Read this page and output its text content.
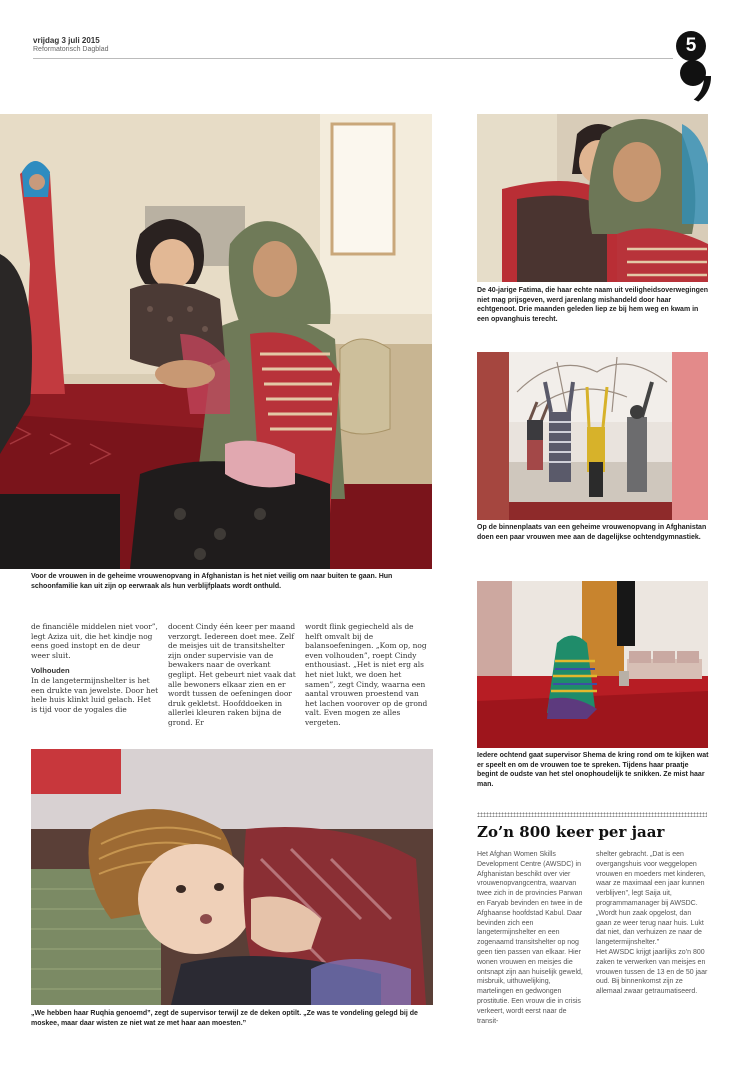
vrijdag 3 juli 2015
Reformatorisch Dagblad	5
Voor de vrouwen in de geheime vrouwenopvang in Afghanistan is het niet veilig om naar buiten te gaan. Hun schoonfamilie kan uit zijn op eerwraak als hun verblijfplaats wordt onthuld.
De 40-jarige Fatima, die haar echte naam uit veiligheidsoverwegingen niet mag prijsgeven, werd jarenlang mishandeld door haar echtgenoot. Drie maanden geleden liep ze bij hem weg en kwam in een opvanghuis terecht.
Op de binnenplaats van een geheime vrouwenopvang in Afghanistan doen een paar vrouwen mee aan de dagelijkse ochtendgymnastiek.
Iedere ochtend gaat supervisor Shema de kring rond om te kijken wat er speelt en om de vrouwen toe te spreken. Tijdens haar praatje begint de oudste van het stel onophoudelijk te snikken. Ze mist haar man.

de financiële middelen niet voor”, legt Aziza uit, die het kindje nog eens goed instopt en de deur weer sluit.

Volhouden

In de langetermijnshelter is het een drukte van jewelste. Door het hele huis klinkt luid gelach. Het is tijd voor de yogales die

docent Cindy één keer per maand verzorgt. Iedereen doet mee. Zelf de meisjes uit de transitshelter zijn onder supervisie van de bewakers naar de overkant geglipt. Het gebeurt niet vaak dat alle bewoners elkaar zien en er wordt tussen de oefeningen door druk gekletst. Hoofddoeken in allerlei kleuren raken bijna de grond. Er

wordt flink gegiecheld als de helft omvalt bij de balansoefeningen. „Kom op, nog even volhouden”, roept Cindy enthousiast. „Het is niet erg als het niet lukt, we doen het samen”, zegt Cindy, waarna een aantal vrouwen proestend van het lachen voorover op de grond valt. Even mogen ze alles vergeten.

„We hebben haar Ruqhia genoemd”, zegt de supervisor terwijl ze de deken optilt. „Ze was te vondeling gelegd bij de moskee, maar daar wisten ze niet wat ze met haar aan moesten.”
Zo’n 800 keer per jaar

Het Afghan Women Skills Development Centre (AWSDC) in Afghanistan beschikt over vier vrouwenopvangcentra, waarvan twee zich in de provincies Parwan en Faryab bevinden en twee in de Afghaanse hoofdstad Kabul. Daar bevinden zich een langetermijnshelter en een zogenaamd transitshelter op nog geen tien passen van elkaar. Hier wonen vrouwen en meisjes die ontsnapt zijn aan huiselijk geweld, misbruik, uithuwelijking, martelingen en gedwongen prostitutie. Een vrouw die in crisis verkeert, wordt eerst naar de transit-

shelter gebracht. „Dat is een overgangshuis voor weggelopen vrouwen en moeders met kinderen, waar ze maximaal een jaar kunnen verblijven”, legt Saija uit, programmamanager bij AWSDC. „Wordt hun zaak opgelost, dan gaan ze weer terug naar huis. Lukt dat niet, dan verhuizen ze naar de langetermijnshelter.”

Het AWSDC krijgt jaarlijks zo’n 800 zaken te verwerken van meisjes en vrouwen tussen de 13 en de 50 jaar oud. Bij binnenkomst zijn ze allemaal zwaar getraumatiseerd.
